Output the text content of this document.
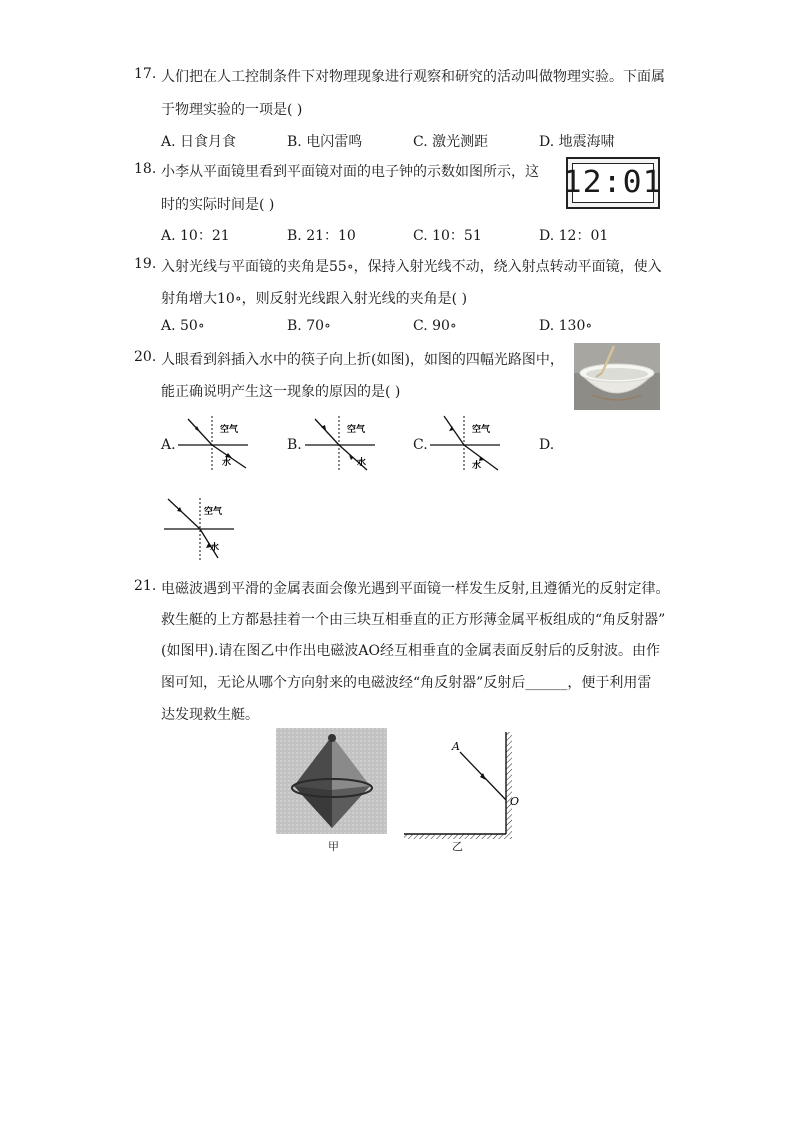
17. 人们把在人工控制条件下对物理现象进行观察和研究的活动叫做物理实验。下面属
于物理实验的一项是( )
A. 日食月食	B. 电闪雷鸣	C. 激光测距	D. 地震海啸
18. 小李从平面镜里看到平面镜对面的电子钟的示数如图所示，这
时的实际时间是( )
12:01
A. 10：21	B. 21：10	C. 10：51	D. 12：01
19. 入射光线与平面镜的夹角是55∘，保持入射光线不动，绕入射点转动平面镜，使入
射角增大10∘，则反射光线跟入射光线的夹角是( )
A. 50∘	B. 70∘	C. 90∘	D. 130∘
20. 人眼看到斜插入水中的筷子向上折(如图)，如图的四幅光路图中，
能正确说明产生这一现象的原因的是( )
A.	B.	C.	D.
空气
水
空气
水
空气
水
空气
水
21. 电磁波遇到平滑的金属表面会像光遇到平面镜一样发生反射,且遵循光的反射定律。
救生艇的上方都悬挂着一个由三块互相垂直的正方形薄金属平板组成的“角反射器”
(如图甲).请在图乙中作出电磁波AO经互相垂直的金属表面反射后的反射波。由作
图可知，无论从哪个方向射来的电磁波经“角反射器”反射后______，便于利用雷
达发现救生艇。
甲
A
O
乙
